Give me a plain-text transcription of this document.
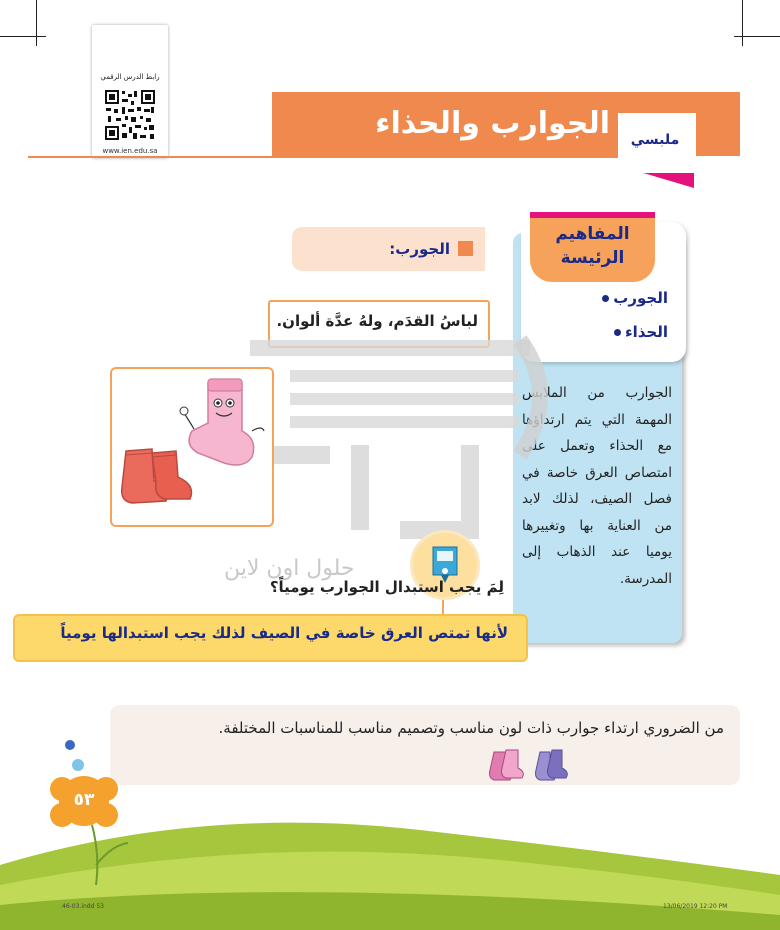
رابط الدرس الرقمي
www.ien.edu.sa
الجوارب والحذاء	ملبسي
المفاهيم
الرئيسة
الجورب
الحذاء
الجوارب من الملابس المهمة التي يتم ارتداؤها مع الحذاء وتعمل على امتصاص العرق خاصة في فصل الصيف، لذلك لابد من العناية بها وتغييرها يوميا عند الذهاب إلى المدرسة.
الجورب:
لباسُ القدَم، ولهُ عدَّة ألوان.
حلول اون لاين
لِمَ يجب استبدال الجوارب يومياً؟
لأنها تمتص العرق خاصة في الصيف لذلك يجب استبدالها يومياً
من الضروري ارتداء جوارب ذات لون مناسب وتصميم مناسب للمناسبات المختلفة.
٥٣
46-03.indd 53	13/06/2019 12:20 PM
